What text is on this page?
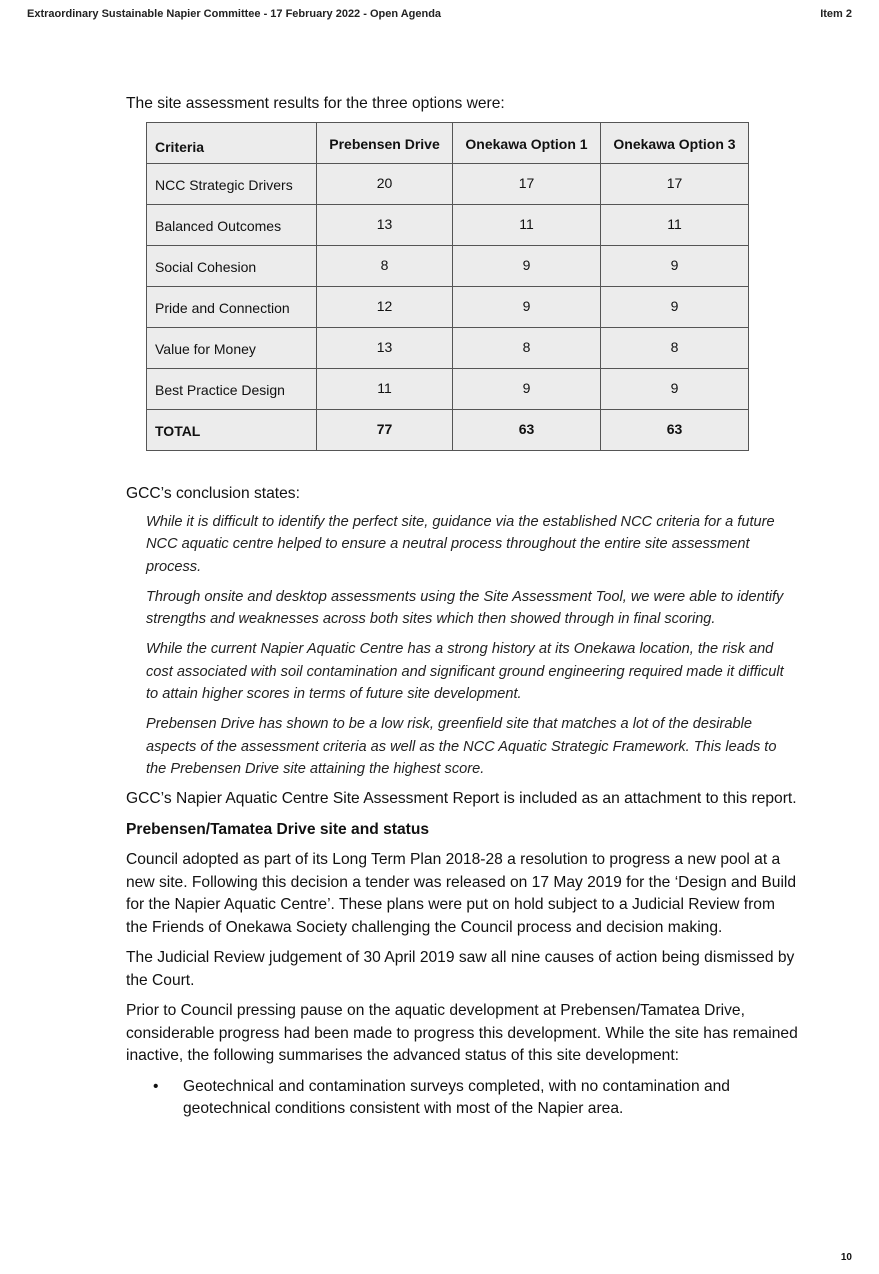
Extraordinary Sustainable Napier Committee - 17 February 2022 - Open Agenda	Item 2

The site assessment results for the three options were:

Criteria	Prebensen Drive	Onekawa Option 1	Onekawa Option 3
NCC Strategic Drivers	20	17	17
Balanced Outcomes	13	11	11
Social Cohesion	8	9	9
Pride and Connection	12	9	9
Value for Money	13	8	8
Best Practice Design	11	9	9
TOTAL	77	63	63

GCC’s conclusion states:

While it is difficult to identify the perfect site, guidance via the established NCC criteria for a future NCC aquatic centre helped to ensure a neutral process throughout the entire site assessment process.

Through onsite and desktop assessments using the Site Assessment Tool, we were able to identify strengths and weaknesses across both sites which then showed through in final scoring.

While the current Napier Aquatic Centre has a strong history at its Onekawa location, the risk and cost associated with soil contamination and significant ground engineering required made it difficult to attain higher scores in terms of future site development.

Prebensen Drive has shown to be a low risk, greenfield site that matches a lot of the desirable aspects of the assessment criteria as well as the NCC Aquatic Strategic Framework. This leads to the Prebensen Drive site attaining the highest score.

GCC’s Napier Aquatic Centre Site Assessment Report is included as an attachment to this report.

Prebensen/Tamatea Drive site and status

Council adopted as part of its Long Term Plan 2018-28 a resolution to progress a new pool at a new site. Following this decision a tender was released on 17 May 2019 for the ‘Design and Build for the Napier Aquatic Centre’. These plans were put on hold subject to a Judicial Review from the Friends of Onekawa Society challenging the Council process and decision making.

The Judicial Review judgement of 30 April 2019 saw all nine causes of action being dismissed by the Court.

Prior to Council pressing pause on the aquatic development at Prebensen/Tamatea Drive, considerable progress had been made to progress this development. While the site has remained inactive, the following summarises the advanced status of this site development:

• Geotechnical and contamination surveys completed, with no contamination and geotechnical conditions consistent with most of the Napier area.
10
